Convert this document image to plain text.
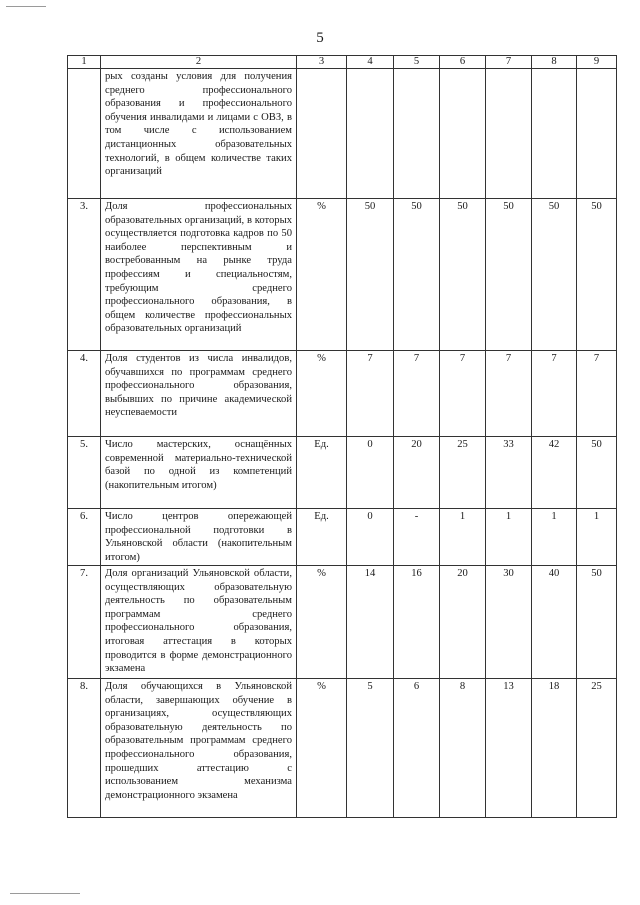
5
1	2	3	4	5	6	7	8	9
	рых созданы условия для получения среднего профессионального образования и профессионального обучения инвалидами и лицами с ОВЗ, в том числе с использованием дистанционных образовательных технологий, в общем количестве таких организаций							
3.	Доля профессиональных образовательных организаций, в которых осуществляется подготовка кадров по 50 наиболее перспективным и востребованным на рынке труда профессиям и специальностям, требующим среднего профессионального образования, в общем количестве профессиональных образовательных организаций	%	50	50	50	50	50	50
4.	Доля студентов из числа инвалидов, обучавшихся по программам среднего профессионального образования, выбывших по причине академической неуспеваемости	%	7	7	7	7	7	7
5.	Число мастерских, оснащённых современной материально-технической базой по одной из компетенций (накопительным итогом)	Ед.	0	20	25	33	42	50
6.	Число центров опережающей профессиональной подготовки в Ульяновской области (накопительным итогом)	Ед.	0	-	1	1	1	1
7.	Доля организаций Ульяновской области, осуществляющих образовательную деятельность по образовательным программам среднего профессионального образования, итоговая аттестация в которых проводится в форме демонстрационного экзамена	%	14	16	20	30	40	50
8.	Доля обучающихся в Ульяновской области, завершающих обучение в организациях, осуществляющих образовательную деятельность по образовательным программам среднего профессионального образования, прошедших аттестацию с использованием механизма демонстрационного экзамена	%	5	6	8	13	18	25
